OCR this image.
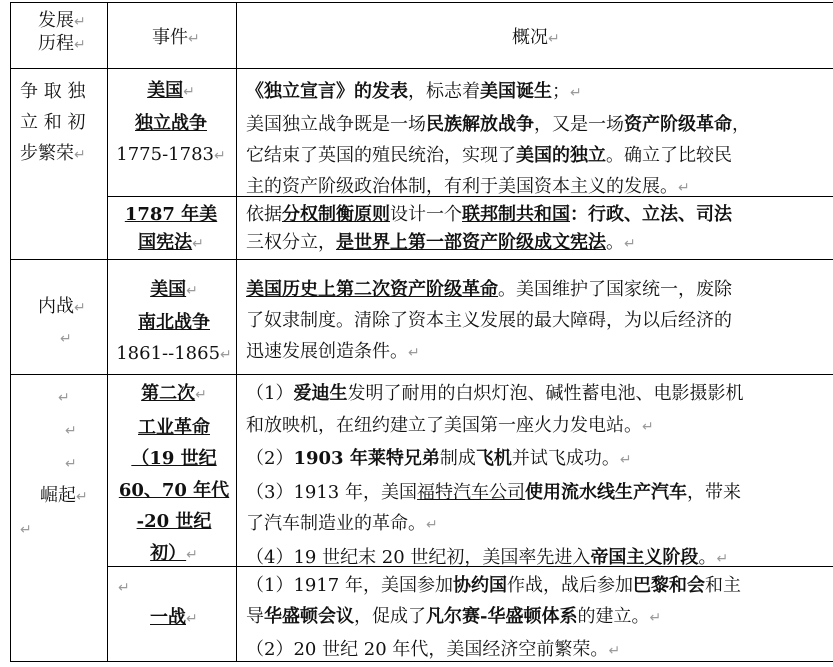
发展↵
历程↵	事件↵	概况↵
争 取 独
立 和 初
步繁荣↵
美国↵
独立战争
1775-1783↵
《独立宣言》的发表，标志着美国诞生；↵
美国独立战争既是一场民族解放战争，又是一场资产阶级革命，
它结束了英国的殖民统治，实现了美国的独立。确立了比较民
主的资产阶级政治体制，有利于美国资本主义的发展。↵
1787 年美
国宪法↵
依据分权制衡原则设计一个联邦制共和国：行政、立法、司法
三权分立，是世界上第一部资产阶级成文宪法。↵
内战↵
↵
美国↵
南北战争
1861--1865↵
美国历史上第二次资产阶级革命。美国维护了国家统一，废除
了奴隶制度。清除了资本主义发展的最大障碍，为以后经济的
迅速发展创造条件。↵
↵
↵
↵
崛起↵
↵
第二次↵
工业革命
（19 世纪
60、70 年代
-20 世纪
初）↵
（1）爱迪生发明了耐用的白炽灯泡、碱性蓄电池、电影摄影机
和放映机，在纽约建立了美国第一座火力发电站。↵
（2）1903 年莱特兄弟制成飞机并试飞成功。↵
（3）1913 年，美国福特汽车公司使用流水线生产汽车，带来
了汽车制造业的革命。↵
（4）19 世纪末 20 世纪初，美国率先进入帝国主义阶段。↵
↵
一战↵
（1）1917 年，美国参加协约国作战，战后参加巴黎和会和主
导华盛顿会议，促成了凡尔赛-华盛顿体系的建立。↵
（2）20 世纪 20 年代，美国经济空前繁荣。↵
